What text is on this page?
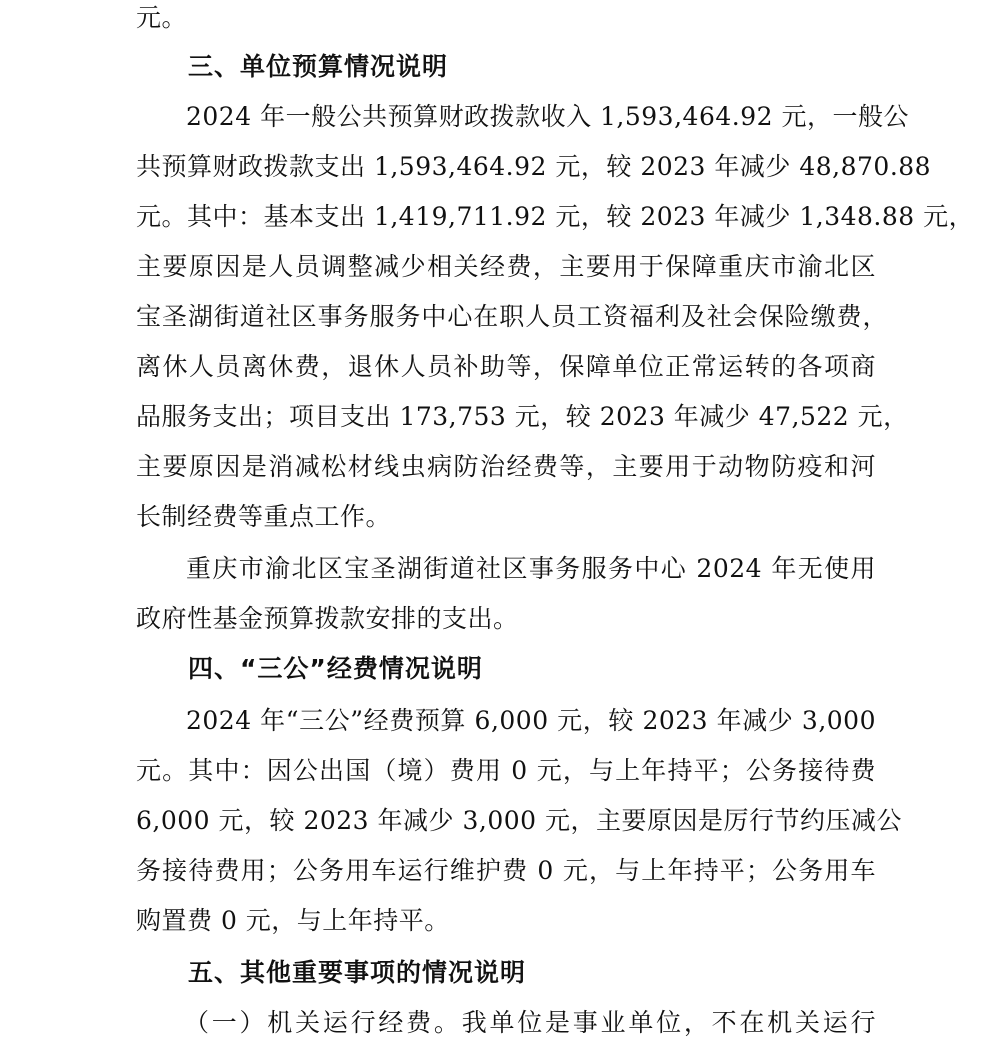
元。
三、单位预算情况说明
2024 年一般公共预算财政拨款收入 1,593,464.92 元，一般公
共预算财政拨款支出 1,593,464.92 元，较 2023 年减少 48,870.88
元。其中：基本支出 1,419,711.92 元，较 2023 年减少 1,348.88 元，
主要原因是人员调整减少相关经费，主要用于保障重庆市渝北区
宝圣湖街道社区事务服务中心在职人员工资福利及社会保险缴费，
离休人员离休费，退休人员补助等，保障单位正常运转的各项商
品服务支出；项目支出 173,753 元，较 2023 年减少 47,522 元，
主要原因是消减松材线虫病防治经费等，主要用于动物防疫和河
长制经费等重点工作。
重庆市渝北区宝圣湖街道社区事务服务中心 2024 年无使用
政府性基金预算拨款安排的支出。
四、“三公”经费情况说明
2024 年“三公”经费预算 6,000 元，较 2023 年减少 3,000
元。其中：因公出国（境）费用 0 元，与上年持平；公务接待费
6,000 元，较 2023 年减少 3,000 元，主要原因是厉行节约压减公
务接待费用；公务用车运行维护费 0 元，与上年持平；公务用车
购置费 0 元，与上年持平。
五、其他重要事项的情况说明
（一）机关运行经费。我单位是事业单位，不在机关运行
